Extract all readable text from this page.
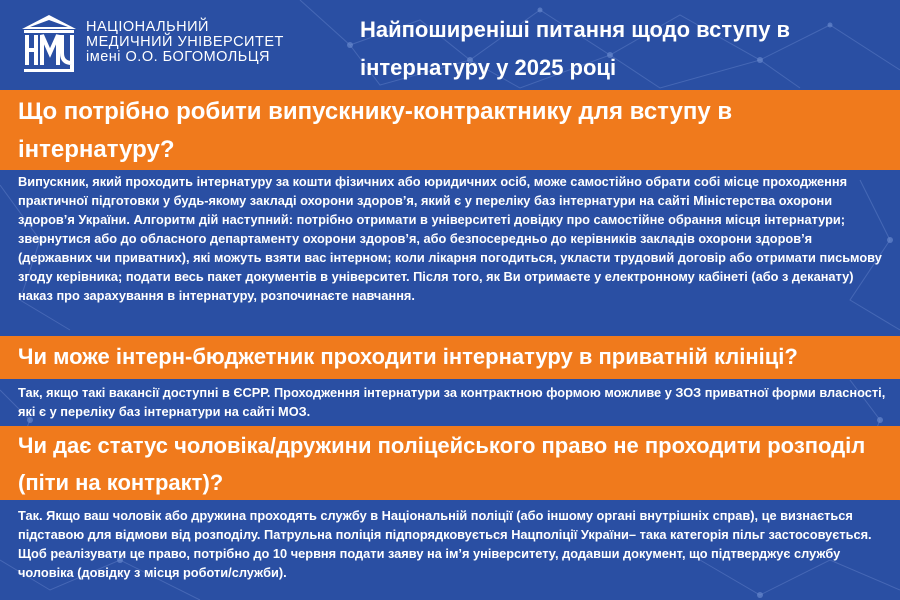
НАЦІОНАЛЬНИЙ
МЕДИЧНИЙ УНІВЕРСИТЕТ
імені О.О. БОГОМОЛЬЦЯ
Найпоширеніші питання щодо вступу в
інтернатуру у 2025 році
Що потрібно робити випускнику-контрактнику для вступу в інтернатуру?
Випускник, який проходить інтернатуру за кошти фізичних або юридичних осіб, може самостійно обрати собі місце проходження практичної підготовки у будь-якому закладі охорони здоров’я, який є у переліку баз інтернатури на сайті Міністерства охорони здоров’я України. Алгоритм дій наступний: потрібно отримати в університеті довідку про самостійне обрання місця інтернатури; звернутися або до обласного департаменту охорони здоров’я, або безпосередньо до керівників закладів охорони здоров’я (державних чи приватних), які можуть взяти вас інтерном; коли лікарня погодиться, укласти трудовий договір або отримати письмову згоду керівника; подати весь пакет документів в університет. Після того, як Ви отримаєте у електронному кабінеті (або з деканату) наказ про зарахування в інтернатуру, розпочинаєте навчання.
Чи може інтерн-бюджетник проходити інтернатуру в приватній клініці?
Так, якщо такі вакансії доступні в ЄСРР. Проходження інтернатури за контрактною формою можливе у ЗОЗ приватної форми власності, які є у переліку баз інтернатури на сайті МОЗ.
Чи дає статус чоловіка/дружини поліцейського право не проходити розподіл (піти на контракт)?
Так. Якщо ваш чоловік або дружина проходять службу в Національній поліції (або іншому органі внутрішніх справ), це визнається підставою для відмови від розподілу. Патрульна поліція підпорядковується Нацполіції України– така категорія пільг застосовується. Щоб реалізувати це право, потрібно до 10 червня подати заяву на ім’я університету, додавши документ, що підтверджує службу чоловіка (довідку з місця роботи/служби).
